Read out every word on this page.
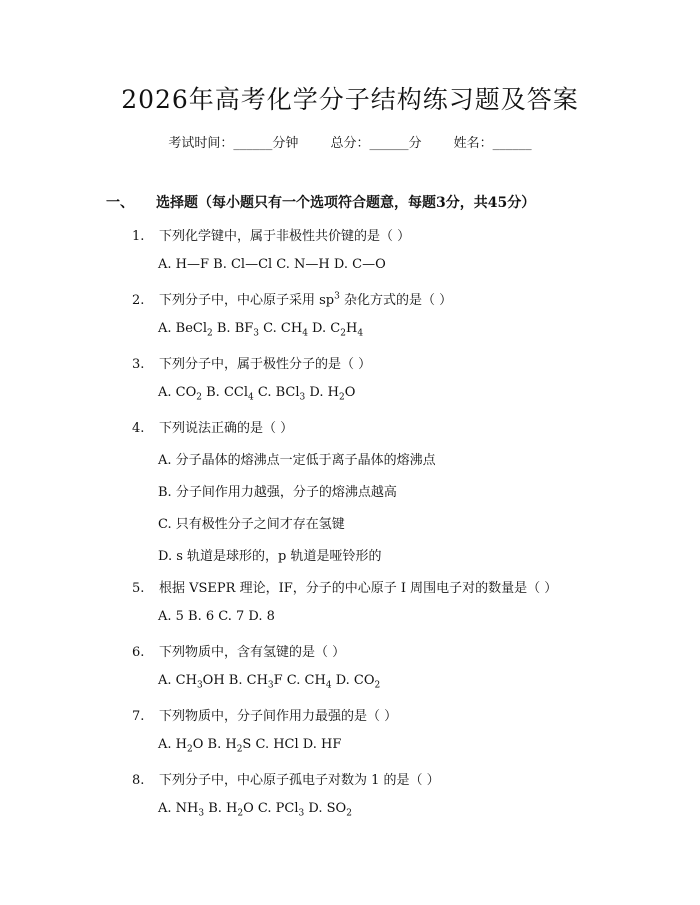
2026年高考化学分子结构练习题及答案
考试时间：______分钟 总分：______分 姓名：______
一、 选择题（每小题只有一个选项符合题意，每题3分，共45分）
1. 下列化学键中，属于非极性共价键的是（ ）
A. H—F B. Cl—Cl C. N—H D. C—O
2. 下列分子中，中心原子采用 $sp^3$ 杂化方式的是（ ）
A. BeCl$_2$ B. $BF_3$ C. $CH_4$ D. $C_2H_4$
3. 下列分子中，属于极性分子的是（ ）
A. $CO_2$ B. CCl$_4$ C. BCl$_3$ D. $H_2O$
4. 下列说法正确的是（ ）
A. 分子晶体的熔沸点一定低于离子晶体的熔沸点
B. 分子间作用力越强，分子的熔沸点越高
C. 只有极性分子之间才存在氢键
D. s 轨道是球形的，p 轨道是哑铃形的
5. 根据 VSEPR 理论，IF，分子的中心原子 I 周围电子对的数量是（ ）
A. 5 B. 6 C. 7 D. 8
6. 下列物质中，含有氢键的是（ ）
A. $CH_3OH$ B. $CH_3F$ C. $CH_4$ D. $CO_2$
7. 下列物质中，分子间作用力最强的是（ ）
A. $H_2O$ B. $H_2S$ C. HCl D. HF
8. 下列分子中，中心原子孤电子对数为 1 的是（ ）
A. $NH_3$ B. $H_2O$ C. PCl$_3$ D. $SO_2$
